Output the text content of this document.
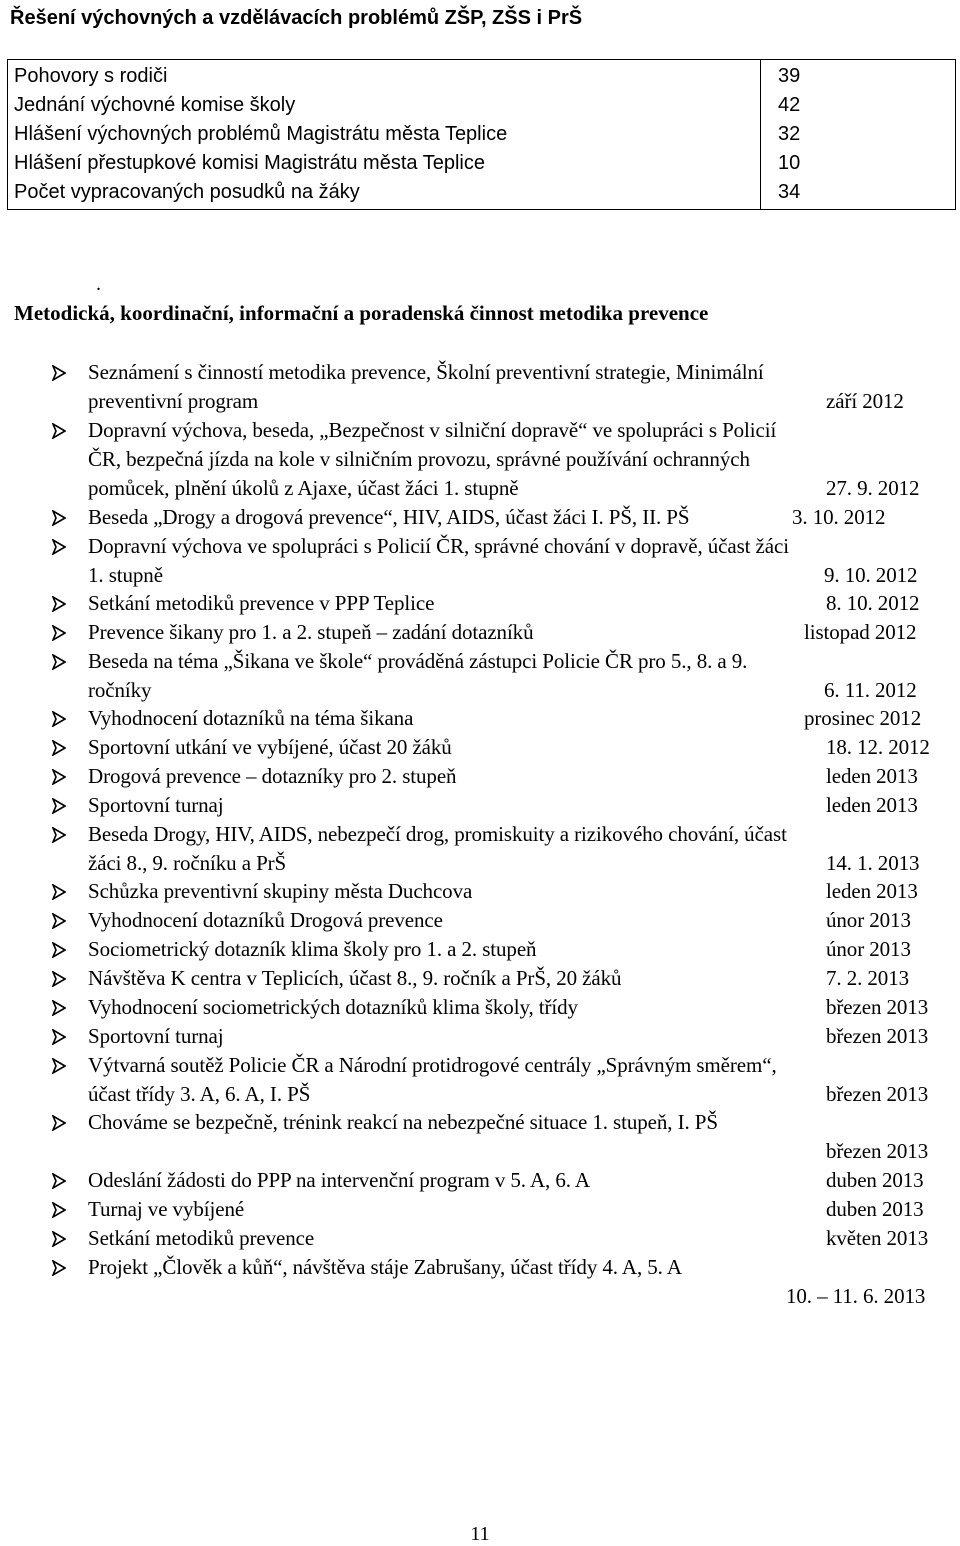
Řešení výchovných a vzdělávacích problémů ZŠP, ZŠS i PrŠ
Pohovory s rodiči	39
Jednání výchovné komise školy	42
Hlášení výchovných problémů Magistrátu města Teplice	32
Hlášení přestupkové komisi Magistrátu města Teplice	10
Počet vypracovaných posudků na žáky	34
.
Metodická, koordinační, informační a poradenská činnost metodika prevence
Seznámení s činností metodika prevence, Školní preventivní strategie, Minimální
preventivní program	září 2012
Dopravní výchova, beseda, „Bezpečnost v silniční dopravě“ ve spolupráci s Policií
ČR, bezpečná jízda na kole v silničním provozu, správné používání ochranných
pomůcek, plnění úkolů z Ajaxe, účast žáci 1. stupně	27. 9. 2012
Beseda „Drogy a drogová prevence“, HIV, AIDS, účast žáci I. PŠ, II. PŠ	3. 10. 2012
Dopravní výchova ve spolupráci s Policií ČR, správné chování v dopravě, účast žáci
1. stupně	9. 10. 2012
Setkání metodiků prevence v PPP Teplice	8. 10. 2012
Prevence šikany pro 1. a 2. stupeň – zadání dotazníků	listopad 2012
Beseda na téma „Šikana ve škole“ prováděná zástupci Policie ČR pro 5., 8. a 9.
ročníky	6. 11. 2012
Vyhodnocení dotazníků na téma šikana	prosinec 2012
Sportovní utkání ve vybíjené, účast 20 žáků	18. 12. 2012
Drogová prevence – dotazníky pro 2. stupeň	leden 2013
Sportovní turnaj	leden 2013
Beseda Drogy, HIV, AIDS, nebezpečí drog, promiskuity a rizikového chování, účast
žáci 8., 9. ročníku a PrŠ	14. 1. 2013
Schůzka preventivní skupiny města Duchcova	leden 2013
Vyhodnocení dotazníků Drogová prevence	únor 2013
Sociometrický dotazník klima školy pro 1. a 2. stupeň	únor 2013
Návštěva K centra v Teplicích, účast 8., 9. ročník a PrŠ, 20 žáků	7. 2. 2013
Vyhodnocení sociometrických dotazníků klima školy, třídy	březen 2013
Sportovní turnaj	březen 2013
Výtvarná soutěž Policie ČR a Národní protidrogové centrály „Správným směrem“,
účast třídy 3. A, 6. A, I. PŠ	březen 2013
Chováme se bezpečně, trénink reakcí na nebezpečné situace 1. stupeň, I. PŠ
březen 2013
Odeslání žádosti do PPP na intervenční program v 5. A, 6. A	duben 2013
Turnaj ve vybíjené	duben 2013
Setkání metodiků prevence	květen 2013
Projekt „Člověk a kůň“, návštěva stáje Zabrušany, účast třídy 4. A, 5. A
10. – 11. 6. 2013
11
